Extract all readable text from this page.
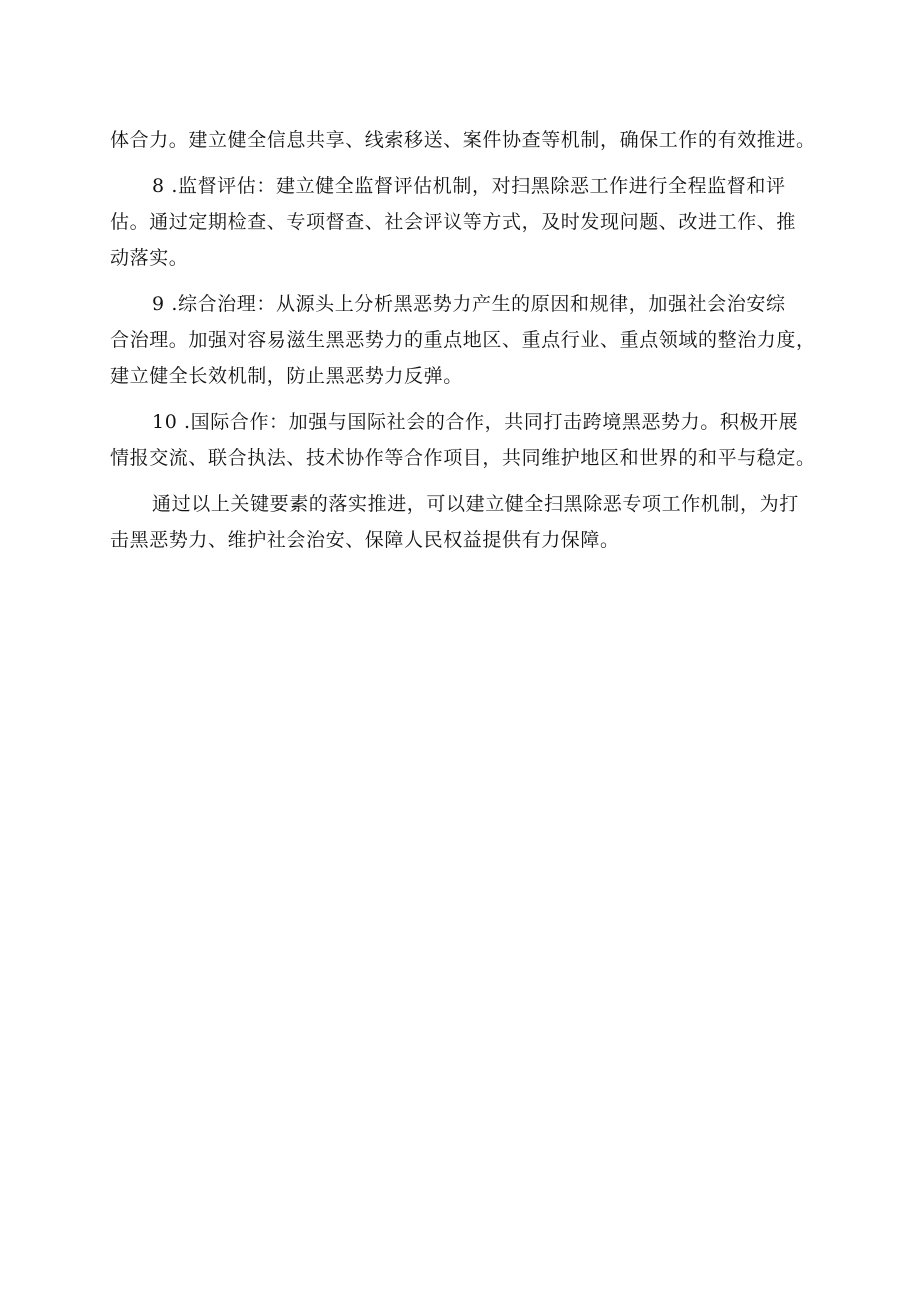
体合力。建立健全信息共享、线索移送、案件协查等机制，确保工作的有效推进。
8 .监督评估：建立健全监督评估机制，对扫黑除恶工作进行全程监督和评
估。通过定期检查、专项督查、社会评议等方式，及时发现问题、改进工作、推
动落实。
9 .综合治理：从源头上分析黑恶势力产生的原因和规律，加强社会治安综
合治理。加强对容易滋生黑恶势力的重点地区、重点行业、重点领域的整治力度，
建立健全长效机制，防止黑恶势力反弹。
10 .国际合作：加强与国际社会的合作，共同打击跨境黑恶势力。积极开展
情报交流、联合执法、技术协作等合作项目，共同维护地区和世界的和平与稳定。
通过以上关键要素的落实推进，可以建立健全扫黑除恶专项工作机制，为打
击黑恶势力、维护社会治安、保障人民权益提供有力保障。
